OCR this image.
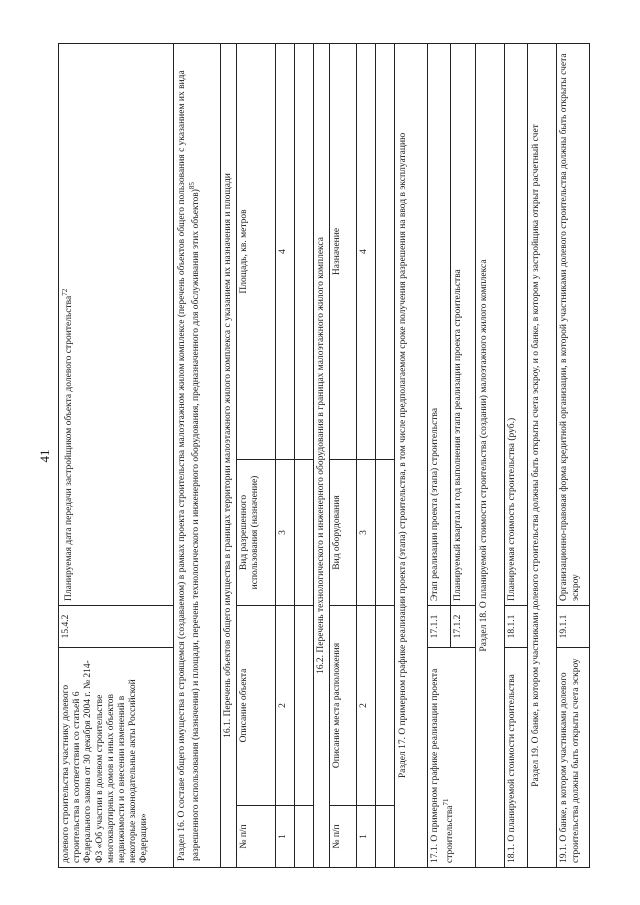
41
долевого строительства участнику долевого строительства в соответствии со статьей 6 Федерального закона от 30 декабря 2004 г. № 214-ФЗ «Об участии в долевом строительстве многоквартирных домов и иных объектов недвижимости и о внесении изменений в некоторые законодательные акты Российской Федерации»		15.4.2	Планируемая дата передачи застройщиком объекта долевого строительства$^{72}$
Раздел 16. О составе общего имущества в строящемся (создаваемом) в рамках проекта строительства малоэтажном жилом комплексе (перечень объектов общего пользования с указанием их вида разрешенного использования (назначения) и площади, перечень технологического и инженерного оборудования, предназначенного для обслуживания этих объектов)$^{85}$
16.1. Перечень объектов общего имущества в границах территории малоэтажного жилого комплекса с указанием их назначения и площади				
№ п/п	Описание объекта		Вид разрешенного использования (назначение)	Площадь, кв. метров
1	2		3	4

16.2. Перечень технологического и инженерного оборудования в границах малоэтажного жилого комплекса				
№ п/п	Описание места расположения		Вид оборудования	Назначение
1	2		3	4

Раздел 17. О примерном графике реализации проекта (этапа) строительства, в том числе предполагаемом сроке получения разрешения на ввод в эксплуатацию				
17.1. О примерном графике реализации проекта строительства$^{71}$		17.1.1	Этап реализации проекта (этапа) строительства	
		17.1.2	Планируемый квартал и год выполнения этапа реализации проекта строительства	
Раздел 18. О планируемой стоимости строительства (создании) малоэтажного жилого комплекса				
18.1. О планируемой стоимости строительства		18.1.1	Планируемая стоимость строительства (руб.)	
Раздел 19. О банке, в котором участниками долевого строительства должны быть открыты счета эскроу, и о банке, в котором у застройщика открыт расчетный счет				
19.1. О банке, в котором участниками долевого строительства должны быть открыты счета эскроу		19.1.1	Организационно-правовая форма кредитной организации, в которой участниками долевого строительства должны быть открыты счета эскроу	
